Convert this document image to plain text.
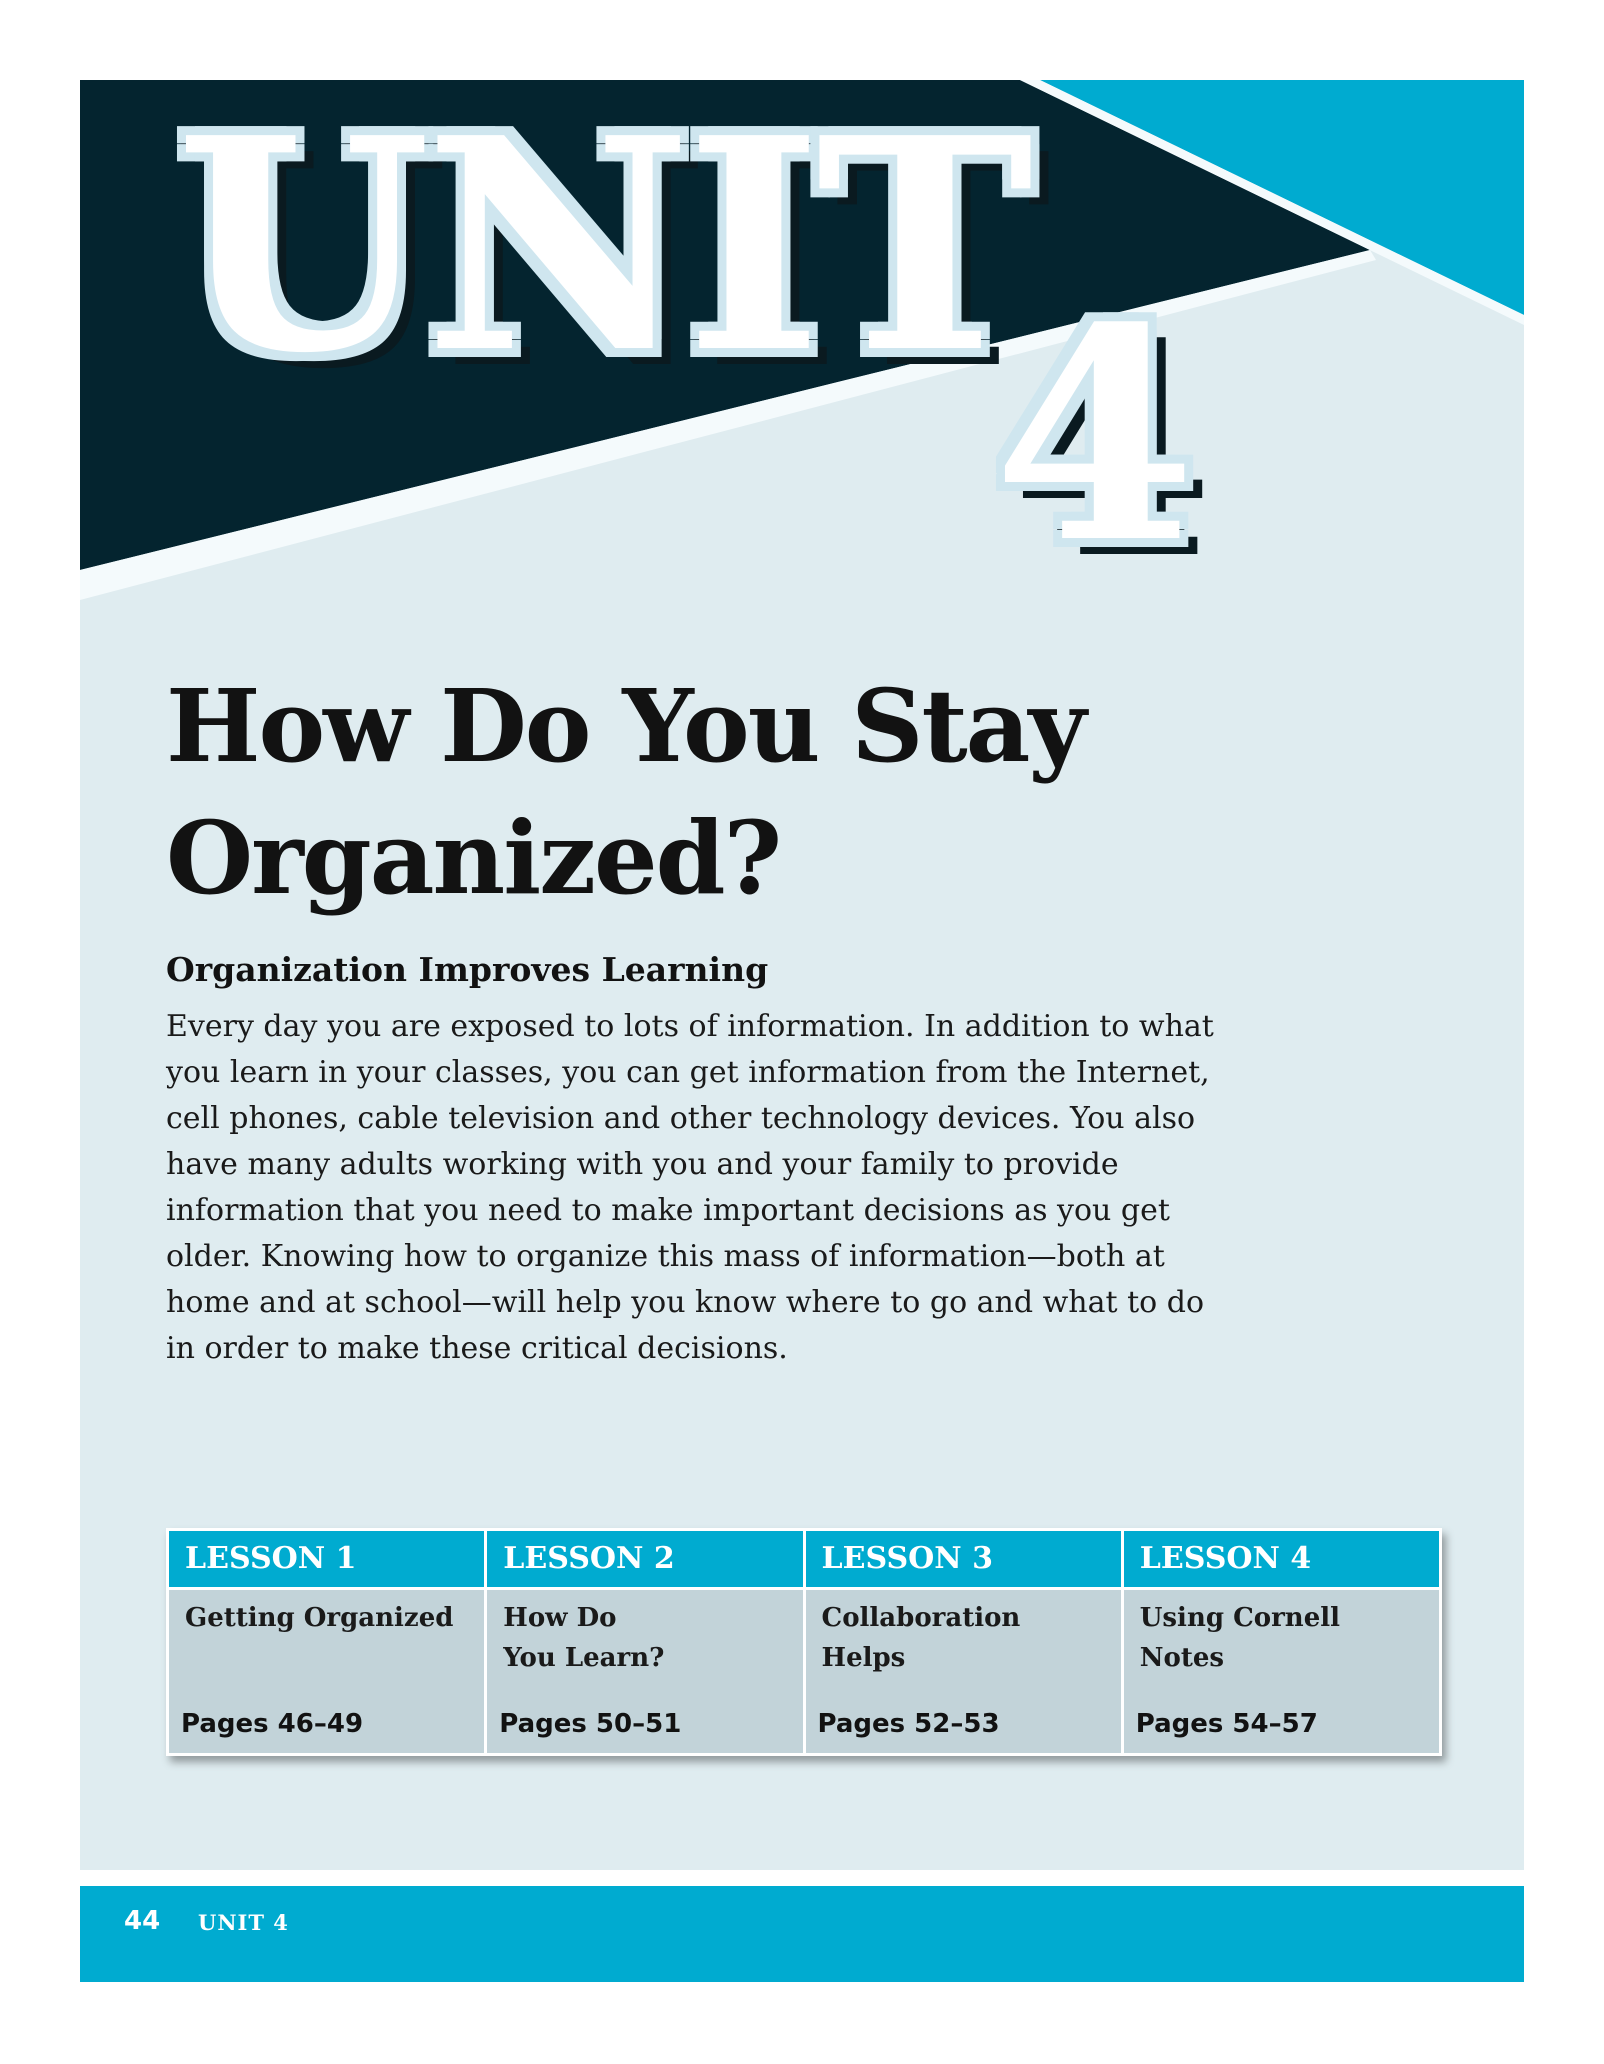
UNIT
4
How Do You Stay
Organized?
Organization Improves Learning

Every day you are exposed to lots of information. In addition to what you learn in your classes, you can get information from the Internet, cell phones, cable television and other technology devices. You also have many adults working with you and your family to provide information that you need to make important decisions as you get older. Knowing how to organize this mass of information—both at home and at school—will help you know where to go and what to do in order to make these critical decisions.

LESSON 1
Getting Organized
Pages 46–49
LESSON 2
How Do You Learn?
Pages 50–51
LESSON 3
Collaboration Helps
Pages 52–53
LESSON 4
Using Cornell Notes
Pages 54–57
44 UNIT 4
